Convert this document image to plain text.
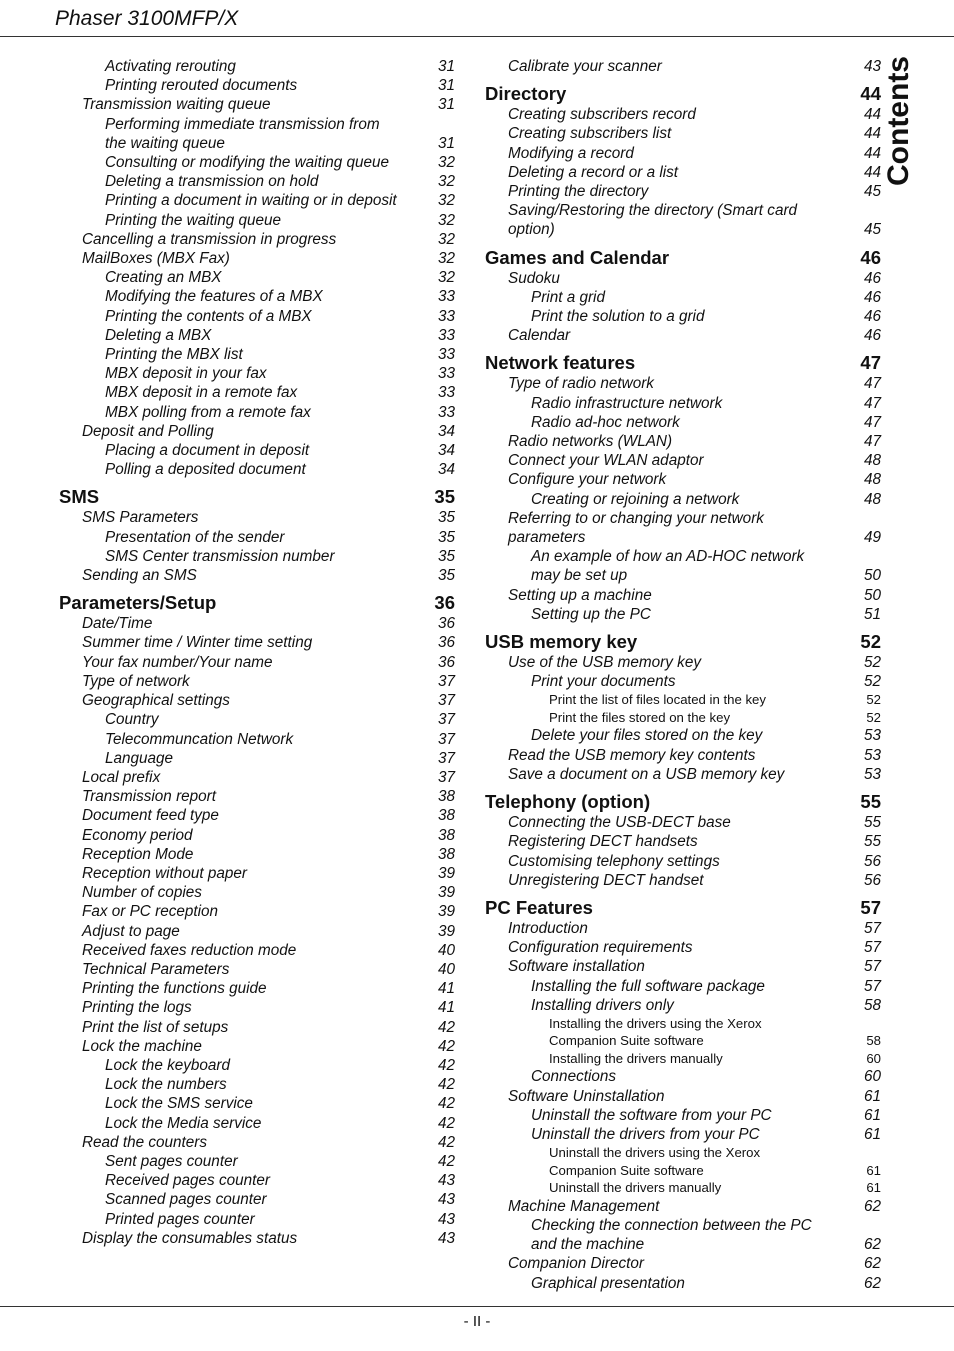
Phaser 3100MFP/X
Contents
Activating rerouting	31
Printing rerouted documents	31
Transmission waiting queue	31
Performing immediate transmission from the waiting queue	31
Consulting or modifying the waiting queue	32
Deleting a transmission on hold	32
Printing a document in waiting or in deposit	32
Printing the waiting queue	32
Cancelling a transmission in progress	32
MailBoxes (MBX Fax)	32
Creating an MBX	32
Modifying the features of a MBX	33
Printing the contents of a MBX	33
Deleting a MBX	33
Printing the MBX list	33
MBX deposit in your fax	33
MBX deposit in a remote fax	33
MBX polling from a remote fax	33
Deposit and Polling	34
Placing a document in deposit	34
Polling a deposited document	34
SMS	35
SMS Parameters	35
Presentation of the sender	35
SMS Center transmission number	35
Sending an SMS	35
Parameters/Setup	36
Date/Time	36
Summer time / Winter time setting	36
Your fax number/Your name	36
Type of network	37
Geographical settings	37
Country	37
Telecommuncation Network	37
Language	37
Local prefix	37
Transmission report	38
Document feed type	38
Economy period	38
Reception Mode	38
Reception without paper	39
Number of copies	39
Fax or PC reception	39
Adjust to page	39
Received faxes reduction mode	40
Technical Parameters	40
Printing the functions guide	41
Printing the logs	41
Print the list of setups	42
Lock the machine	42
Lock the keyboard	42
Lock the numbers	42
Lock the SMS service	42
Lock the Media service	42
Read the counters	42
Sent pages counter	42
Received pages counter	43
Scanned pages counter	43
Printed pages counter	43
Display the consumables status	43
Calibrate your scanner	43
Directory	44
Creating subscribers record	44
Creating subscribers list	44
Modifying a record	44
Deleting a record or a list	44
Printing the directory	45
Saving/Restoring the directory (Smart card option)	45
Games and Calendar	46
Sudoku	46
Print a grid	46
Print the solution to a grid	46
Calendar	46
Network features	47
Type of radio network	47
Radio infrastructure network	47
Radio ad-hoc network	47
Radio networks (WLAN)	47
Connect your WLAN adaptor	48
Configure your network	48
Creating or rejoining a network	48
Referring to or changing your network parameters	49
An example of how an AD-HOC network may be set up	50
Setting up a machine	50
Setting up the PC	51
USB memory key	52
Use of the USB memory key	52
Print your documents	52
Print the list of files located in the key	52
Print the files stored on the key	52
Delete your files stored on the key	53
Read the USB memory key contents	53
Save a document on a USB memory key	53
Telephony (option)	55
Connecting the USB-DECT base	55
Registering DECT handsets	55
Customising telephony settings	56
Unregistering DECT handset	56
PC Features	57
Introduction	57
Configuration requirements	57
Software installation	57
Installing the full software package	57
Installing drivers only	58
Installing the drivers using the Xerox Companion Suite software	58
Installing the drivers manually	60
Connections	60
Software Uninstallation	61
Uninstall the software from your PC	61
Uninstall the drivers from your PC	61
Uninstall the drivers using the Xerox Companion Suite software	61
Uninstall the drivers manually	61
Machine Management	62
Checking the connection between the PC and the machine	62
Companion Director	62
Graphical presentation	62
- II -
